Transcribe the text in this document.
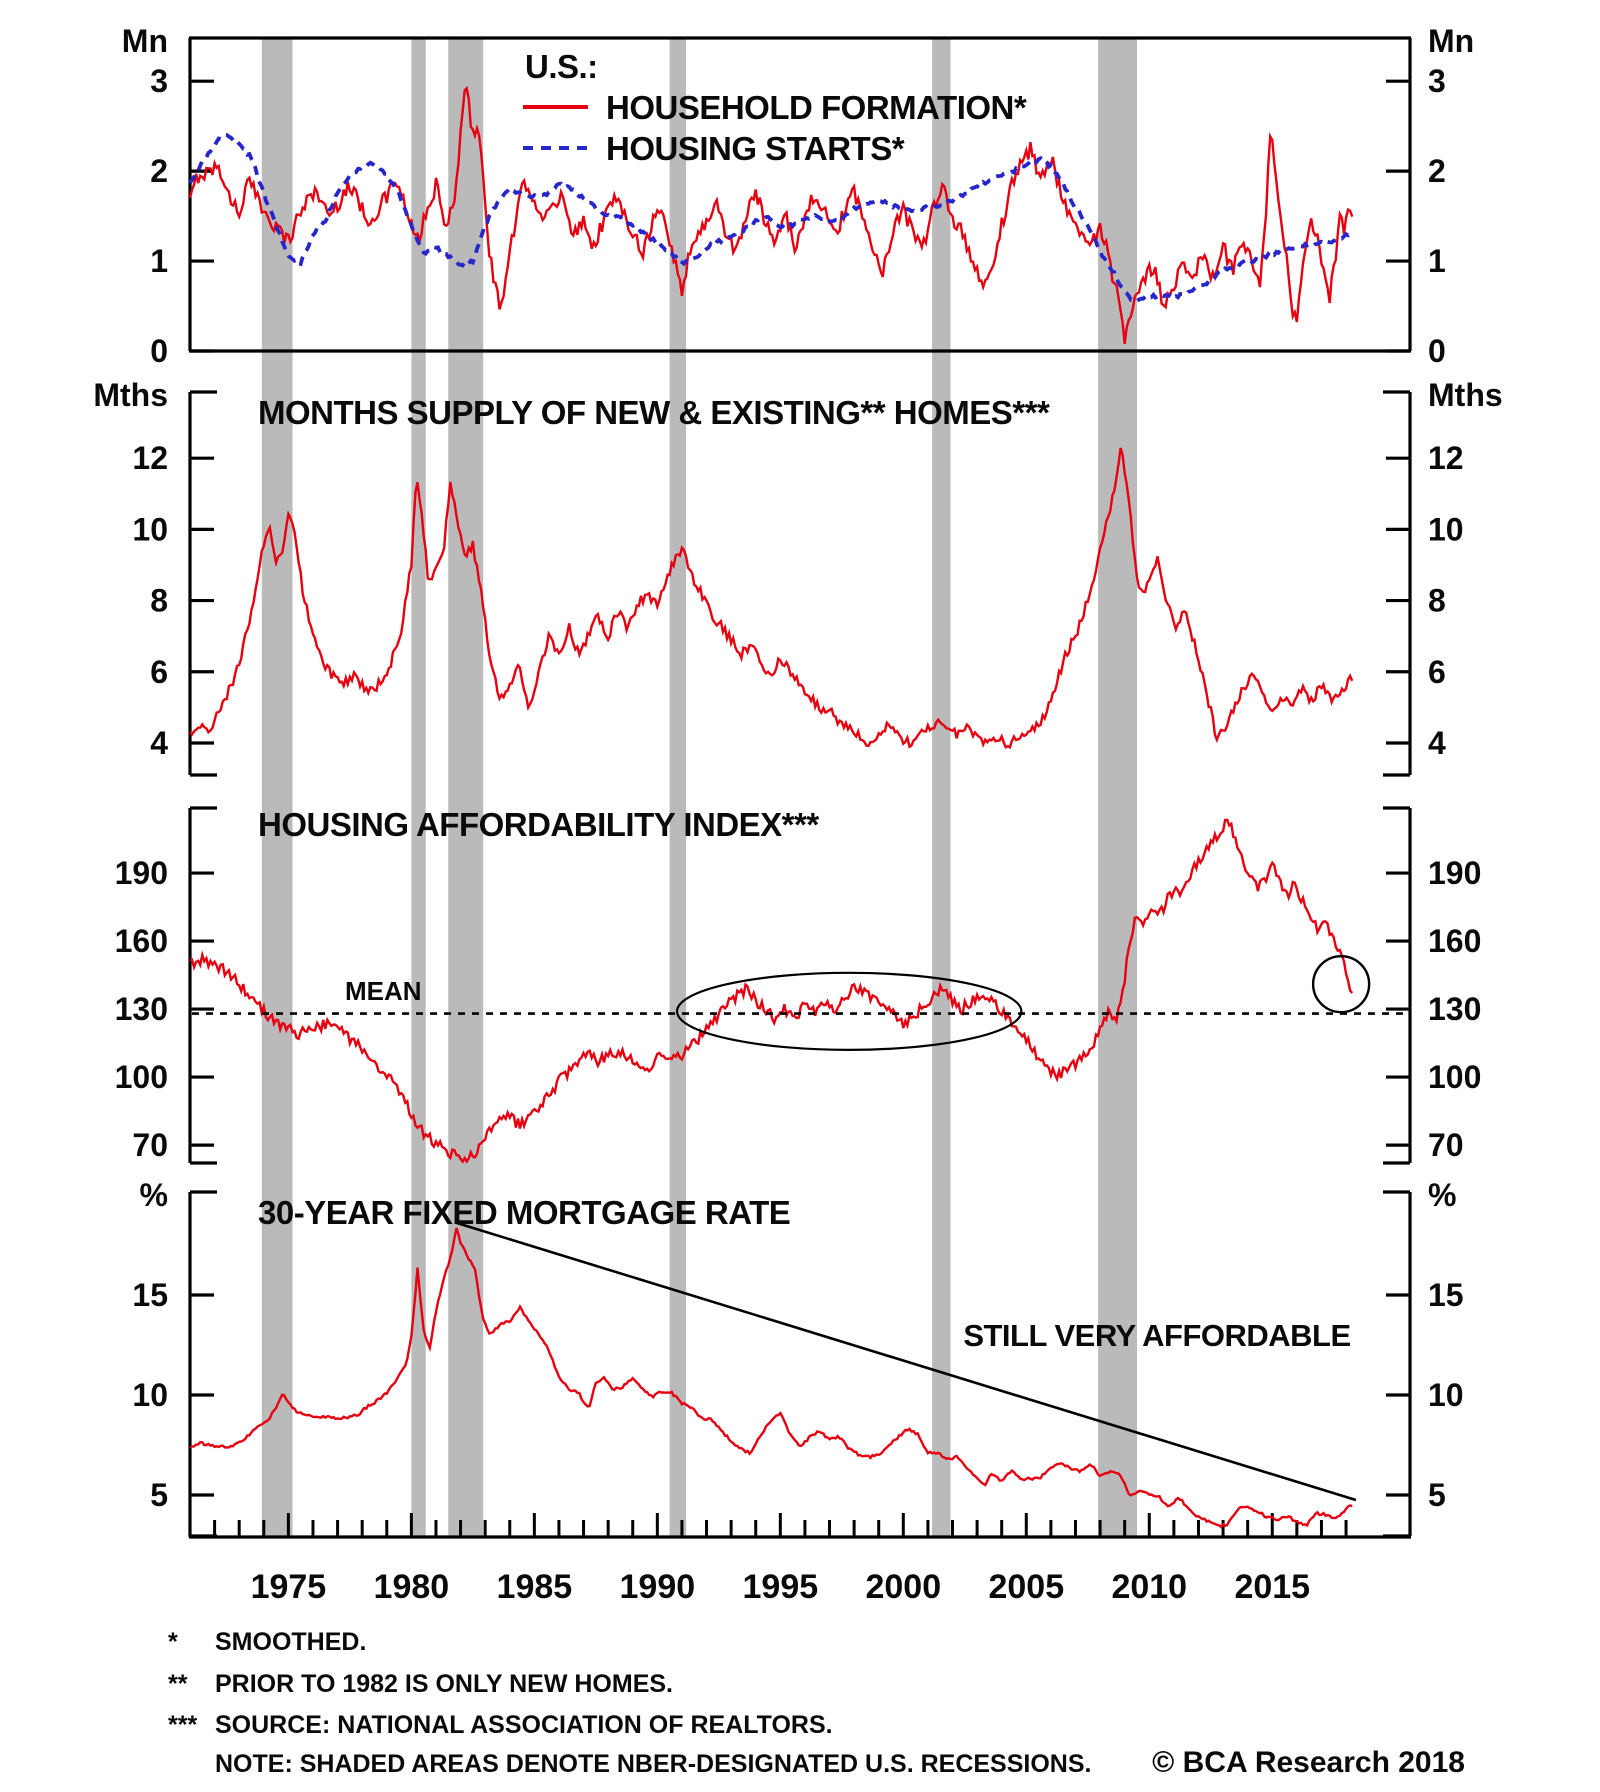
3	3
2	2
1	1
0	0
12	12
10	10
8	8
6	6
4	4
190	190
160	160
130	130
100	100
70	70
15	15
10	10
5	5
1975 1980 1985 1990 1995 2000 2005 2010 2015
Mn	Mn
Mths	Mths
%	%
U.S.:
HOUSEHOLD FORMATION*
HOUSING STARTS*
MONTHS SUPPLY OF NEW & EXISTING** HOMES***
HOUSING AFFORDABILITY INDEX***
30-YEAR FIXED MORTGAGE RATE
MEAN
STILL VERY AFFORDABLE
* SMOOTHED.
** PRIOR TO 1982 IS ONLY NEW HOMES.
*** SOURCE: NATIONAL ASSOCIATION OF REALTORS.
NOTE: SHADED AREAS DENOTE NBER-DESIGNATED U.S. RECESSIONS. © BCA Research 2018
